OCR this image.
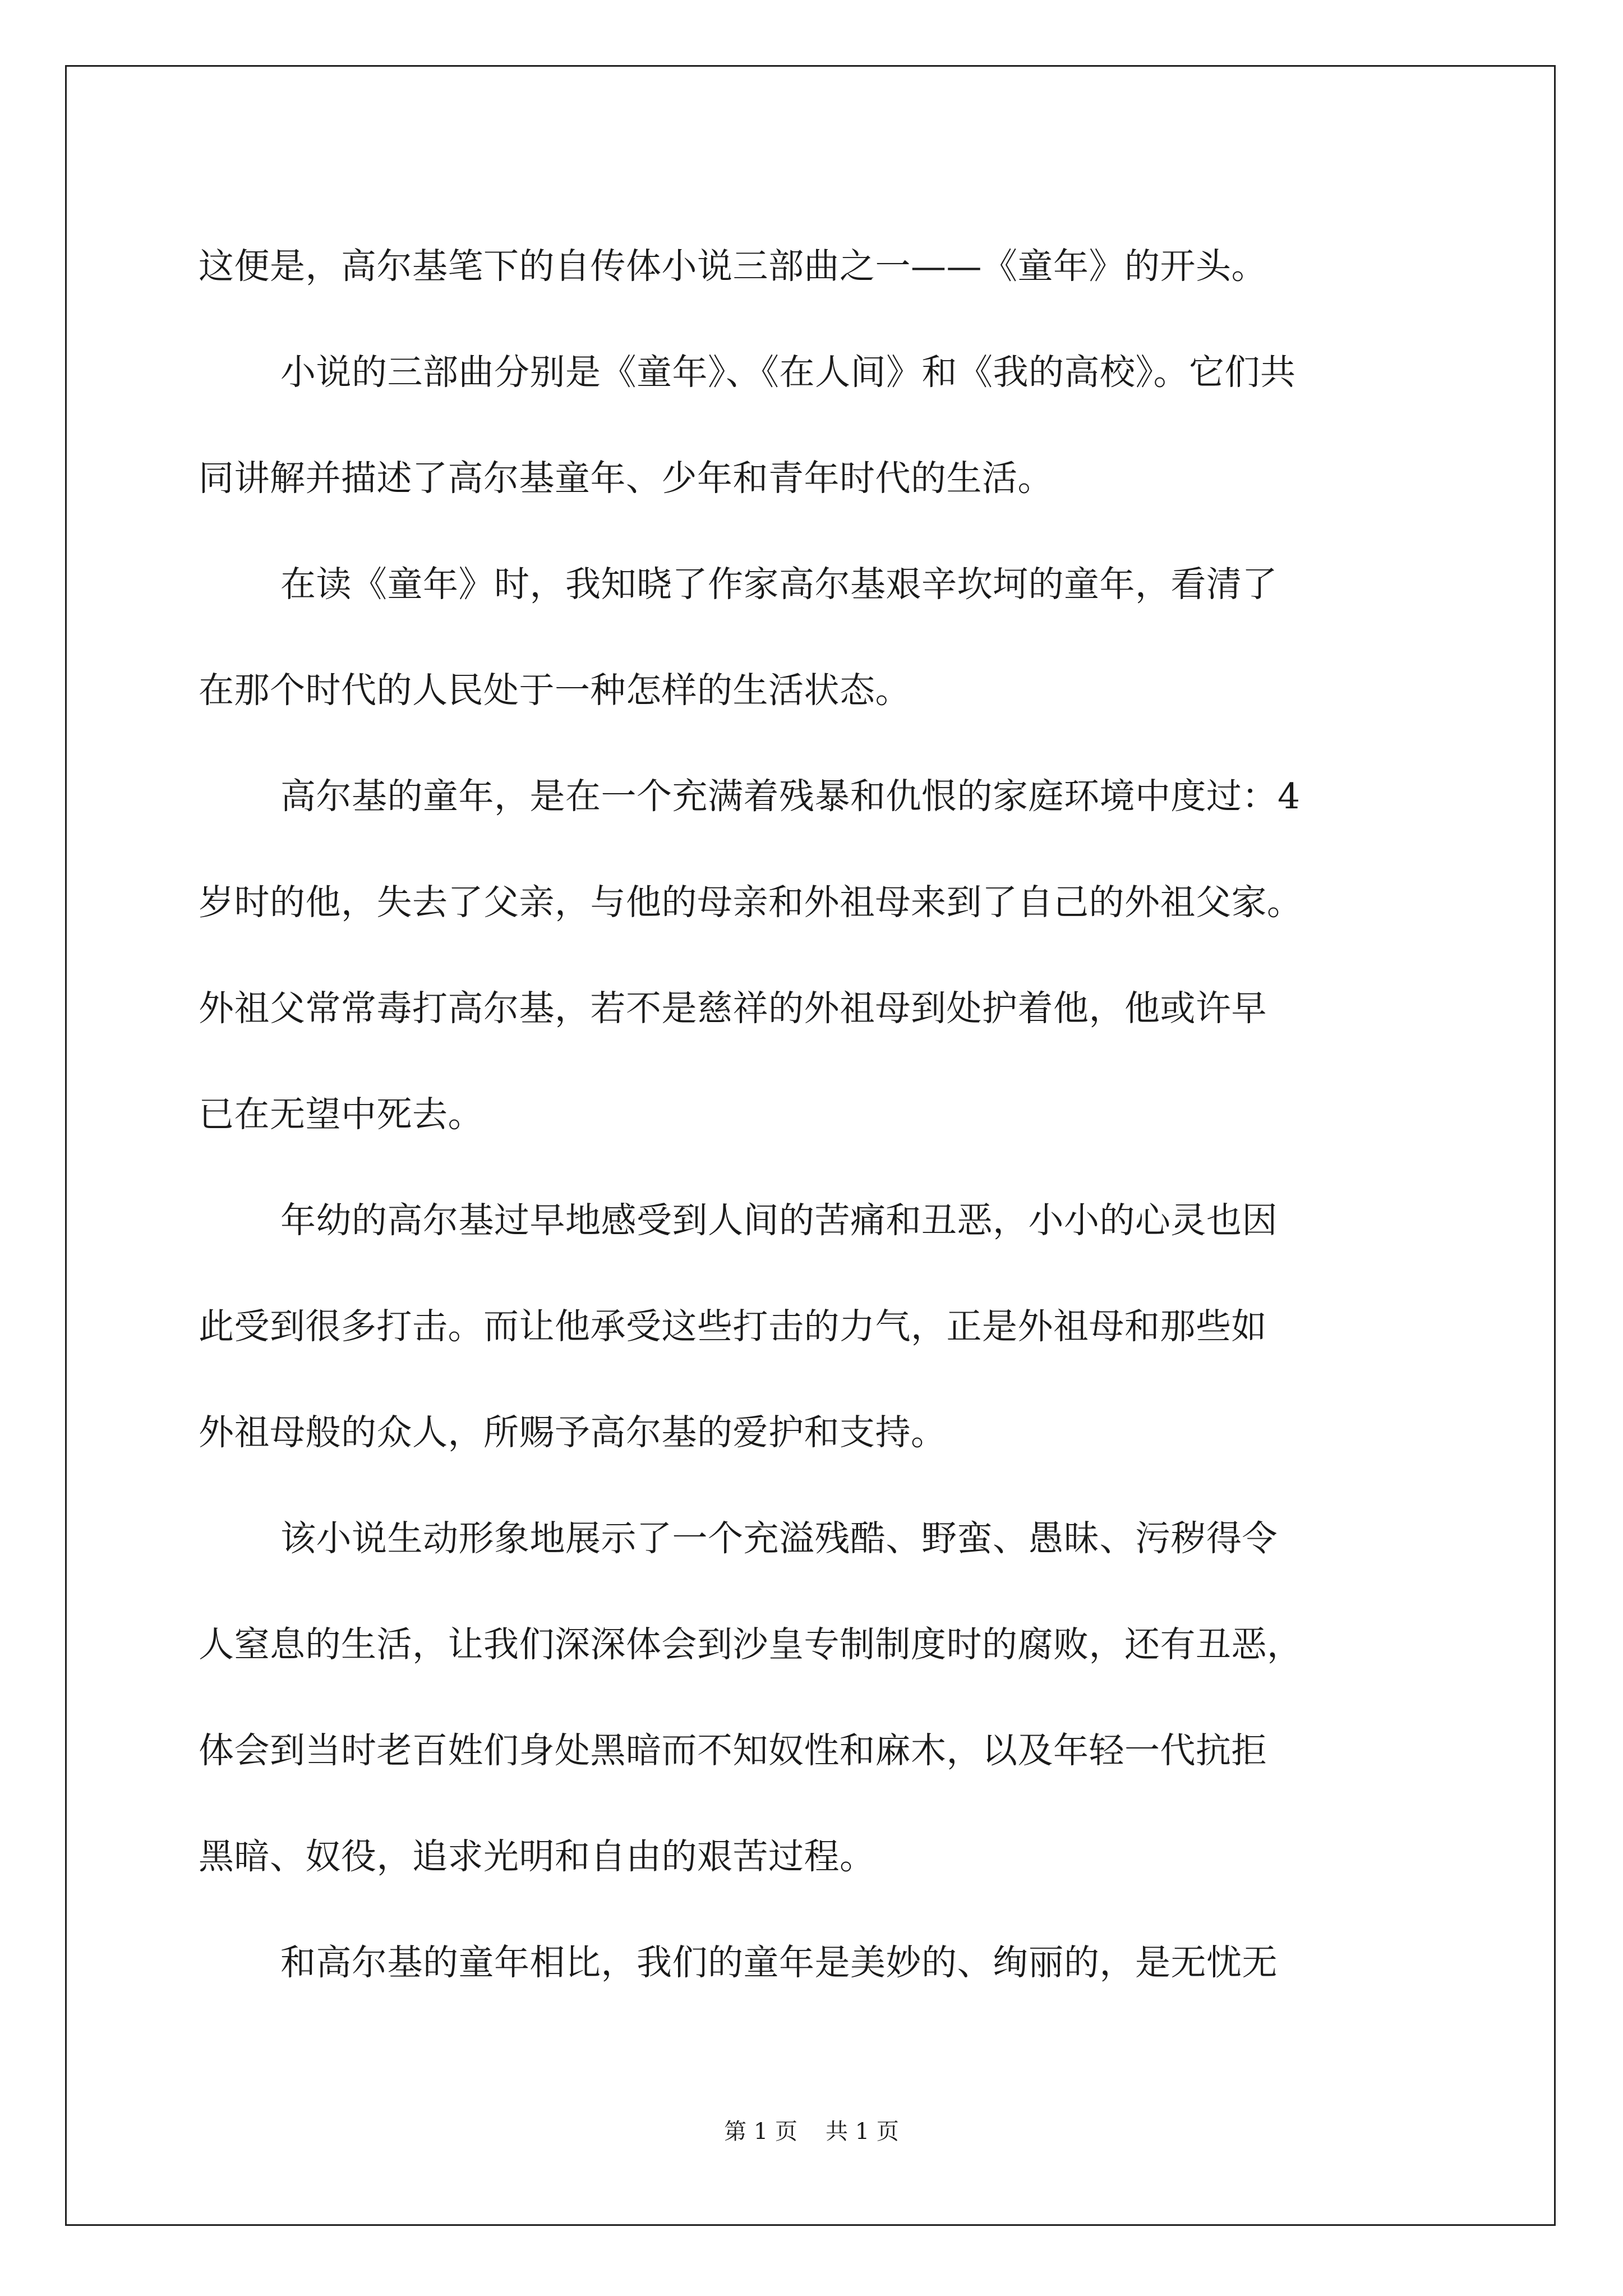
这便是，高尔基笔下的自传体小说三部曲之一——《童年》的开头。
小说的三部曲分别是《童年》、《在人间》和《我的高校》。它们共
同讲解并描述了高尔基童年、少年和青年时代的生活。
在读《童年》时，我知晓了作家高尔基艰辛坎坷的童年，看清了
在那个时代的人民处于一种怎样的生活状态。
高尔基的童年，是在一个充满着残暴和仇恨的家庭环境中度过：4
岁时的他，失去了父亲，与他的母亲和外祖母来到了自己的外祖父家。
外祖父常常毒打高尔基，若不是慈祥的外祖母到处护着他，他或许早
已在无望中死去。
年幼的高尔基过早地感受到人间的苦痛和丑恶，小小的心灵也因
此受到很多打击。而让他承受这些打击的力气，正是外祖母和那些如
外祖母般的众人，所赐予高尔基的爱护和支持。
该小说生动形象地展示了一个充溢残酷、野蛮、愚昧、污秽得令
人窒息的生活，让我们深深体会到沙皇专制制度时的腐败，还有丑恶，
体会到当时老百姓们身处黑暗而不知奴性和麻木，以及年轻一代抗拒
黑暗、奴役，追求光明和自由的艰苦过程。
和高尔基的童年相比，我们的童年是美妙的、绚丽的，是无忧无
第 1 页 共 1 页
